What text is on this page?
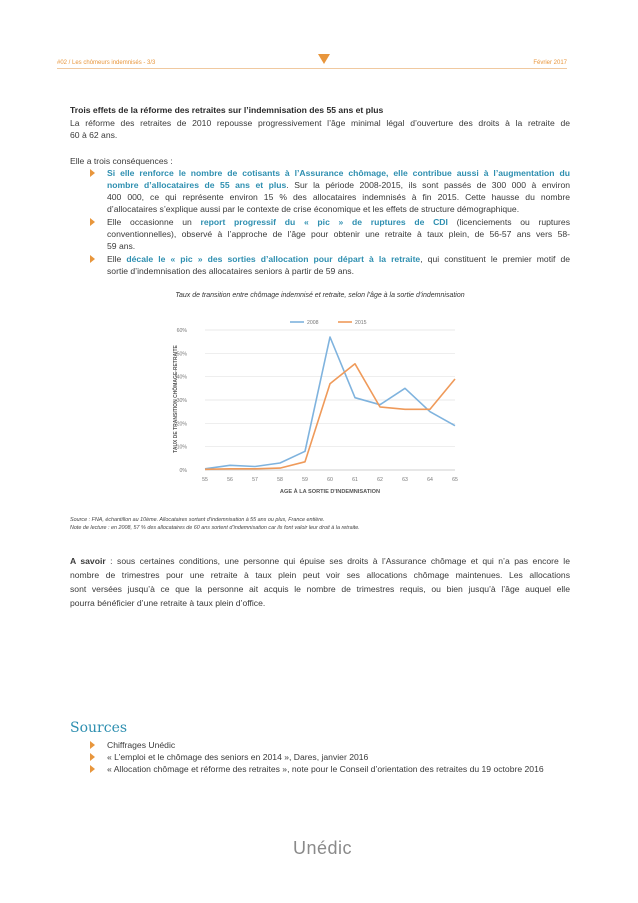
#02 / Les chômeurs indemnisés - 3/3	Février 2017
Trois effets de la réforme des retraites sur l’indemnisation des 55 ans et plus
La réforme des retraites de 2010 repousse progressivement l’âge minimal légal d’ouverture des droits à la retraite de
60 à 62 ans.
Elle a trois conséquences :
Si elle renforce le nombre de cotisants à l’Assurance chômage, elle contribue aussi à l’augmentation du
nombre d’allocataires de 55 ans et plus. Sur la période 2008-2015, ils sont passés de 300 000 à environ
400 000, ce qui représente environ 15 % des allocataires indemnisés à fin 2015. Cette hausse du nombre
d’allocataires s’explique aussi par le contexte de crise économique et les effets de structure démographique.
Elle occasionne un report progressif du « pic » de ruptures de CDI (licenciements ou ruptures
conventionnelles), observé à l’approche de l’âge pour obtenir une retraite à taux plein, de 56-57 ans vers 58-
59 ans.
Elle décale le « pic » des sorties d’allocation pour départ à la retraite, qui constituent le premier motif de
sortie d’indemnisation des allocataires seniors à partir de 59 ans.
Taux de transition entre chômage indemnisé et retraite, selon l’âge à la sortie d’indemnisation
0%
10%
20%
30%
40%
50%
60%
55	56	57	58	59	60	61	62	63	64	65
2008	2015
TAUX DE TRANSITION CHÔMAGE-RETRAITE
AGE À LA SORTIE D'INDEMNISATION
Source : FNA, échantillon au 10ème. Allocataires sortant d’indemnisation à 55 ans ou plus, France entière.
Note de lecture : en 2008, 57 % des allocataires de 60 ans sortent d’indemnisation car ils font valoir leur droit à la retraite.
A savoir : sous certaines conditions, une personne qui épuise ses droits à l’Assurance chômage et qui n’a pas encore le
nombre de trimestres pour une retraite à taux plein peut voir ses allocations chômage maintenues. Les allocations
sont versées jusqu’à ce que la personne ait acquis le nombre de trimestres requis, ou bien jusqu’à l’âge auquel elle
pourra bénéficier d’une retraite à taux plein d’office.
Sources
Chiffrages Unédic
« L’emploi et le chômage des seniors en 2014 », Dares, janvier 2016
« Allocation chômage et réforme des retraites », note pour le Conseil d’orientation des retraites du 19 octobre 2016
Unédic
